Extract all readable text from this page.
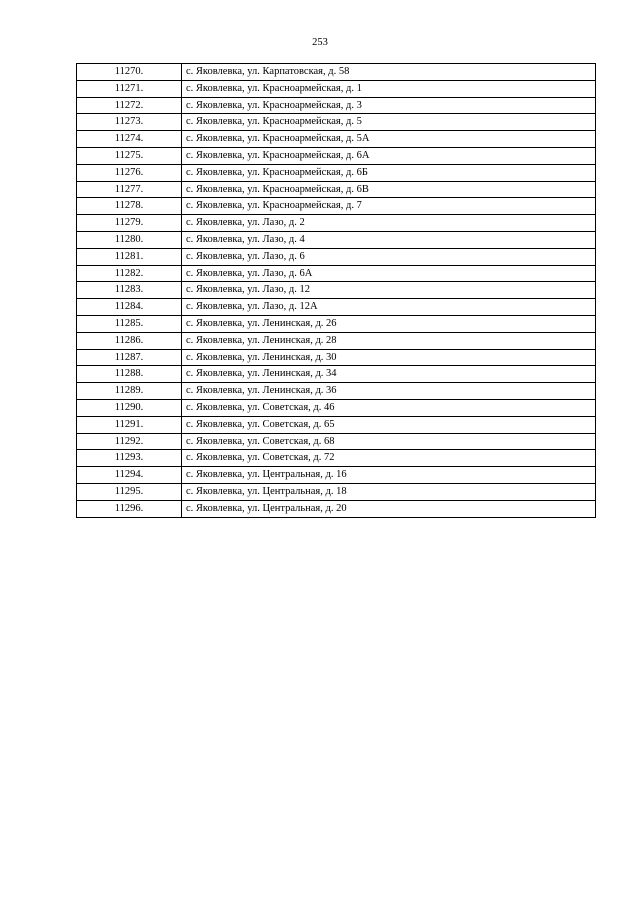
253
11270.	с. Яковлевка, ул. Карпатовская, д. 58
11271.	с. Яковлевка, ул. Красноармейская, д. 1
11272.	с. Яковлевка, ул. Красноармейская, д. 3
11273.	с. Яковлевка, ул. Красноармейская, д. 5
11274.	с. Яковлевка, ул. Красноармейская, д. 5А
11275.	с. Яковлевка, ул. Красноармейская, д. 6А
11276.	с. Яковлевка, ул. Красноармейская, д. 6Б
11277.	с. Яковлевка, ул. Красноармейская, д. 6В
11278.	с. Яковлевка, ул. Красноармейская, д. 7
11279.	с. Яковлевка, ул. Лазо, д. 2
11280.	с. Яковлевка, ул. Лазо, д. 4
11281.	с. Яковлевка, ул. Лазо, д. 6
11282.	с. Яковлевка, ул. Лазо, д. 6А
11283.	с. Яковлевка, ул. Лазо, д. 12
11284.	с. Яковлевка, ул. Лазо, д. 12А
11285.	с. Яковлевка, ул. Ленинская, д. 26
11286.	с. Яковлевка, ул. Ленинская, д. 28
11287.	с. Яковлевка, ул. Ленинская, д. 30
11288.	с. Яковлевка, ул. Ленинская, д. 34
11289.	с. Яковлевка, ул. Ленинская, д. 36
11290.	с. Яковлевка, ул. Советская, д. 46
11291.	с. Яковлевка, ул. Советская, д. 65
11292.	с. Яковлевка, ул. Советская, д. 68
11293.	с. Яковлевка, ул. Советская, д. 72
11294.	с. Яковлевка, ул. Центральная, д. 16
11295.	с. Яковлевка, ул. Центральная, д. 18
11296.	с. Яковлевка, ул. Центральная, д. 20
